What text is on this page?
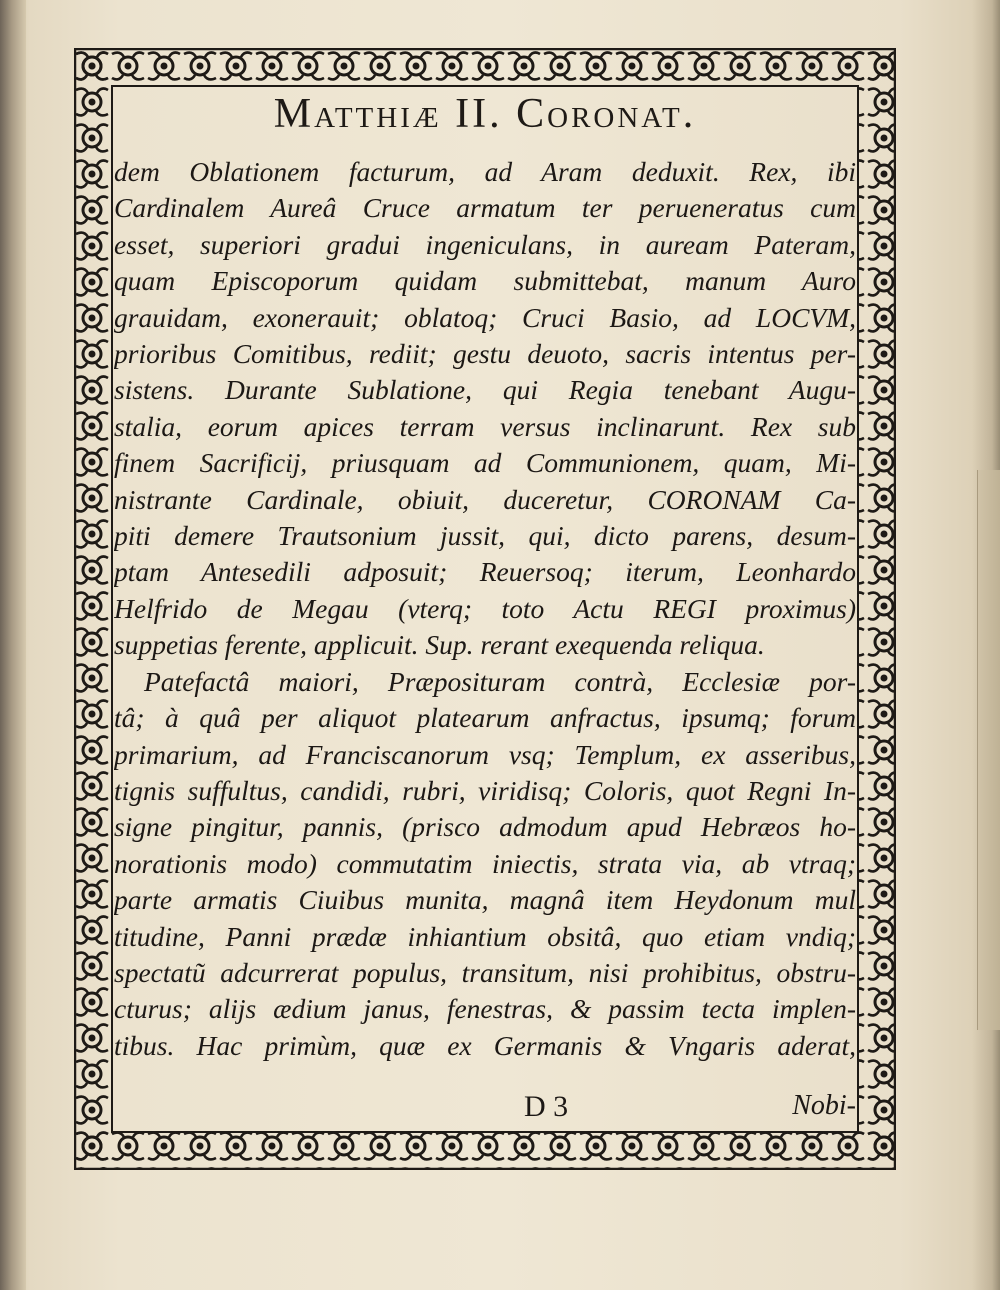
Matthiæ II. Coronat.
dem Oblationem facturum, ad Aram deduxit. Rex, ibi
Cardinalem Aureâ Cruce armatum ter perueneratus cum
esset, superiori gradui ingeniculans, in auream Pateram,
quam Episcoporum quidam submittebat, manum Auro
grauidam, exonerauit; oblatoq; Cruci Basio, ad LOCVM,
prioribus Comitibus, rediit; gestu deuoto, sacris intentus per-
sistens. Durante Sublatione, qui Regia tenebant Augu-
stalia, eorum apices terram versus inclinarunt. Rex sub
finem Sacrificij, priusquam ad Communionem, quam, Mi-
nistrante Cardinale, obiuit, duceretur, CORONAM Ca-
piti demere Trautsonium jussit, qui, dicto parens, desum-
ptam Antesedili adposuit; Reuersoq; iterum, Leonhardo
Helfrido de Megau (vterq; toto Actu REGI proximus)
suppetias ferente, applicuit. Sup. rerant exequenda reliqua.
Patefactâ maiori, Præposituram contrà, Ecclesiæ por-
tâ; à quâ per aliquot platearum anfractus, ipsumq; forum
primarium, ad Franciscanorum vsq; Templum, ex asseribus,
tignis suffultus, candidi, rubri, viridisq; Coloris, quot Regni In-
signe pingitur, pannis, (prisco admodum apud Hebræos ho-
norationis modo) commutatim iniectis, strata via, ab vtraq;
parte armatis Ciuibus munita, magnâ item Heydonum mul
titudine, Panni prædæ inhiantium obsitâ, quo etiam vndiq;
spectatũ adcurrerat populus, transitum, nisi prohibitus, obstru-
cturus; alijs ædium janus, fenestras, & passim tecta implen-
tibus. Hac primùm, quæ ex Germanis & Vngaris aderat,
D 3	Nobi-
